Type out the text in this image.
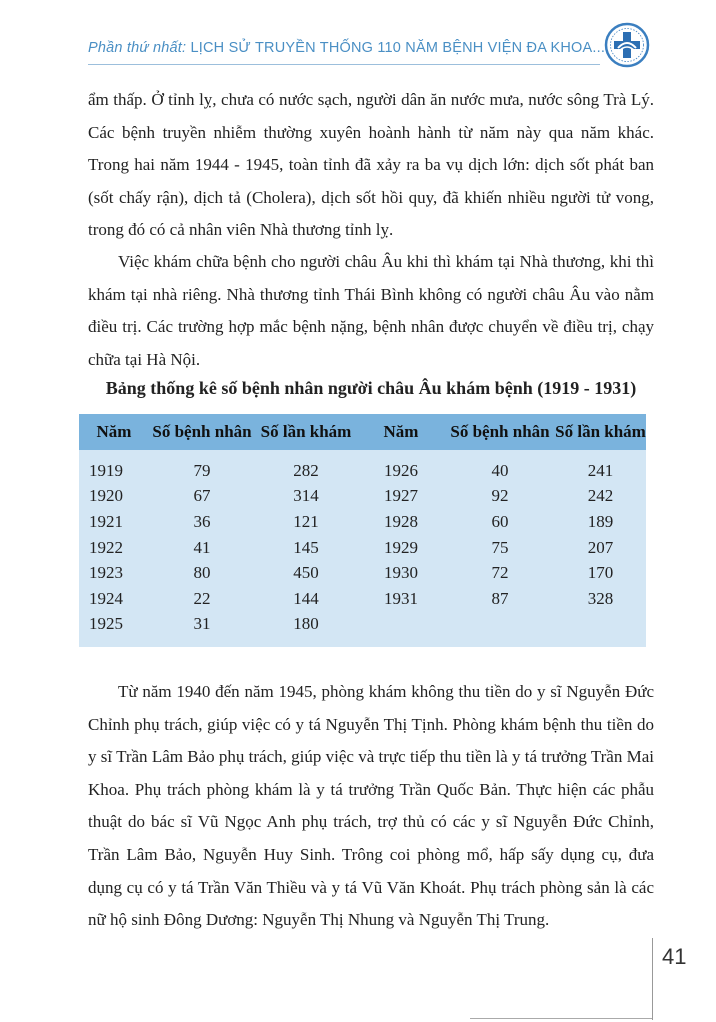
Phần thứ nhất: LỊCH SỬ TRUYỀN THỐNG 110 NĂM BỆNH VIỆN ĐA KHOA...
ẩm thấp. Ở tỉnh lỵ, chưa có nước sạch, người dân ăn nước mưa, nước sông Trà Lý. Các bệnh truyền nhiễm thường xuyên hoành hành từ năm này qua năm khác. Trong hai năm 1944 - 1945, toàn tỉnh đã xảy ra ba vụ dịch lớn: dịch sốt phát ban (sốt chấy rận), dịch tả (Cholera), dịch sốt hồi quy, đã khiến nhiều người tử vong, trong đó có cả nhân viên Nhà thương tỉnh lỵ.
Việc khám chữa bệnh cho người châu Âu khi thì khám tại Nhà thương, khi thì khám tại nhà riêng. Nhà thương tỉnh Thái Bình không có người châu Âu vào nằm điều trị. Các trường hợp mắc bệnh nặng, bệnh nhân được chuyển về điều trị, chạy chữa tại Hà Nội.
Bảng thống kê số bệnh nhân người châu Âu khám bệnh (1919 - 1931)
Năm	Số bệnh nhân	Số lần khám	Năm	Số bệnh nhân	Số lần khám
1919	79	282	1926	40	241
1920	67	314	1927	92	242
1921	36	121	1928	60	189
1922	41	145	1929	75	207
1923	80	450	1930	72	170
1924	22	144	1931	87	328
1925	31	180			
Từ năm 1940 đến năm 1945, phòng khám không thu tiền do y sĩ Nguyễn Đức Chỉnh phụ trách, giúp việc có y tá Nguyễn Thị Tịnh. Phòng khám bệnh thu tiền do y sĩ Trần Lâm Bảo phụ trách, giúp việc và trực tiếp thu tiền là y tá trưởng Trần Mai Khoa. Phụ trách phòng khám là y tá trưởng Trần Quốc Bản. Thực hiện các phẫu thuật do bác sĩ Vũ Ngọc Anh phụ trách, trợ thủ có các y sĩ Nguyễn Đức Chỉnh, Trần Lâm Bảo, Nguyễn Huy Sinh. Trông coi phòng mổ, hấp sấy dụng cụ, đưa dụng cụ có y tá Trần Văn Thiều và y tá Vũ Văn Khoát. Phụ trách phòng sản là các nữ hộ sinh Đông Dương: Nguyễn Thị Nhung và Nguyễn Thị Trung.
41
